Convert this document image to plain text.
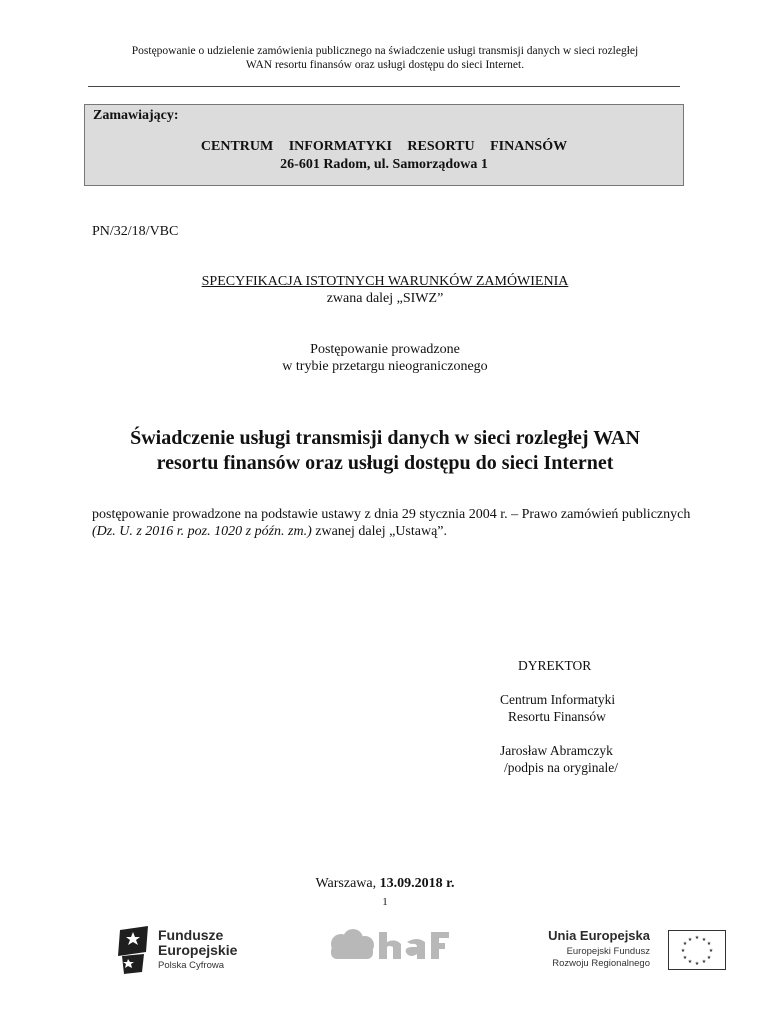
Postępowanie o udzielenie zamówienia publicznego na świadczenie usługi transmisji danych w sieci rozległej
WAN resortu finansów oraz usługi dostępu do sieci Internet.
Zamawiający:
CENTRUM INFORMATYKI RESORTU FINANSÓW
26-601 Radom, ul. Samorządowa 1
PN/32/18/VBC
SPECYFIKACJA ISTOTNYCH WARUNKÓW ZAMÓWIENIA
zwana dalej „SIWZ”
Postępowanie prowadzone
w trybie przetargu nieograniczonego
Świadczenie usługi transmisji danych w sieci rozległej WAN
resortu finansów oraz usługi dostępu do sieci Internet
postępowanie prowadzone na podstawie ustawy z dnia 29 stycznia 2004 r. – Prawo zamówień publicznych (Dz. U. z 2016 r. poz. 1020 z późn. zm.) zwanej dalej „Ustawą”.
DYREKTOR
Centrum Informatyki
Resortu Finansów
Jarosław Abramczyk
/podpis na oryginale/
Warszawa, 13.09.2018 r.
1
Fundusze
Europejskie
Polska Cyfrowa
Unia Europejska
Europejski Fundusz
Rozwoju Regionalnego
★ ★
★
★
★
★
★
★
★
★
★
★
